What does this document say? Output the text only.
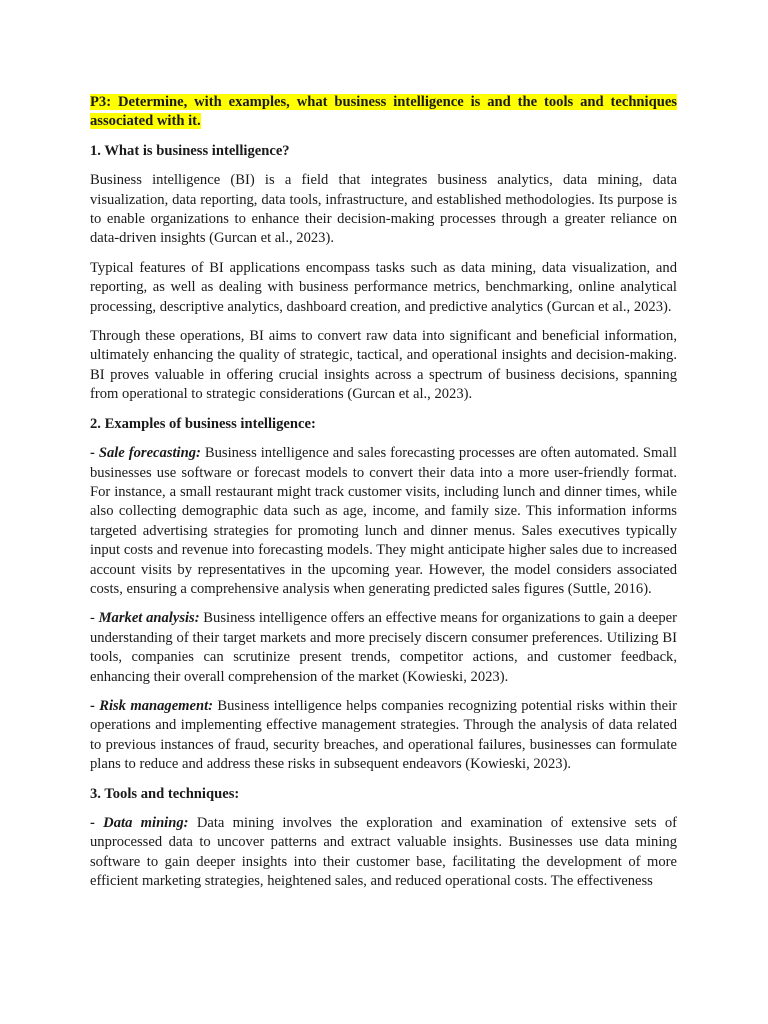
P3: Determine, with examples, what business intelligence is and the tools and techniques associated with it.
1. What is business intelligence?

Business intelligence (BI) is a field that integrates business analytics, data mining, data visualization, data reporting, data tools, infrastructure, and established methodologies. Its purpose is to enable organizations to enhance their decision-making processes through a greater reliance on data-driven insights (Gurcan et al., 2023).

Typical features of BI applications encompass tasks such as data mining, data visualization, and reporting, as well as dealing with business performance metrics, benchmarking, online analytical processing, descriptive analytics, dashboard creation, and predictive analytics (Gurcan et al., 2023).

Through these operations, BI aims to convert raw data into significant and beneficial information, ultimately enhancing the quality of strategic, tactical, and operational insights and decision-making. BI proves valuable in offering crucial insights across a spectrum of business decisions, spanning from operational to strategic considerations (Gurcan et al., 2023).

2. Examples of business intelligence:

- Sale forecasting: Business intelligence and sales forecasting processes are often automated. Small businesses use software or forecast models to convert their data into a more user-friendly format. For instance, a small restaurant might track customer visits, including lunch and dinner times, while also collecting demographic data such as age, income, and family size. This information informs targeted advertising strategies for promoting lunch and dinner menus. Sales executives typically input costs and revenue into forecasting models. They might anticipate higher sales due to increased account visits by representatives in the upcoming year. However, the model considers associated costs, ensuring a comprehensive analysis when generating predicted sales figures (Suttle, 2016).

- Market analysis: Business intelligence offers an effective means for organizations to gain a deeper understanding of their target markets and more precisely discern consumer preferences. Utilizing BI tools, companies can scrutinize present trends, competitor actions, and customer feedback, enhancing their overall comprehension of the market (Kowieski, 2023).

- Risk management: Business intelligence helps companies recognizing potential risks within their operations and implementing effective management strategies. Through the analysis of data related to previous instances of fraud, security breaches, and operational failures, businesses can formulate plans to reduce and address these risks in subsequent endeavors (Kowieski, 2023).

3. Tools and techniques:

- Data mining: Data mining involves the exploration and examination of extensive sets of unprocessed data to uncover patterns and extract valuable insights. Businesses use data mining software to gain deeper insights into their customer base, facilitating the development of more efficient marketing strategies, heightened sales, and reduced operational costs. The effectiveness
